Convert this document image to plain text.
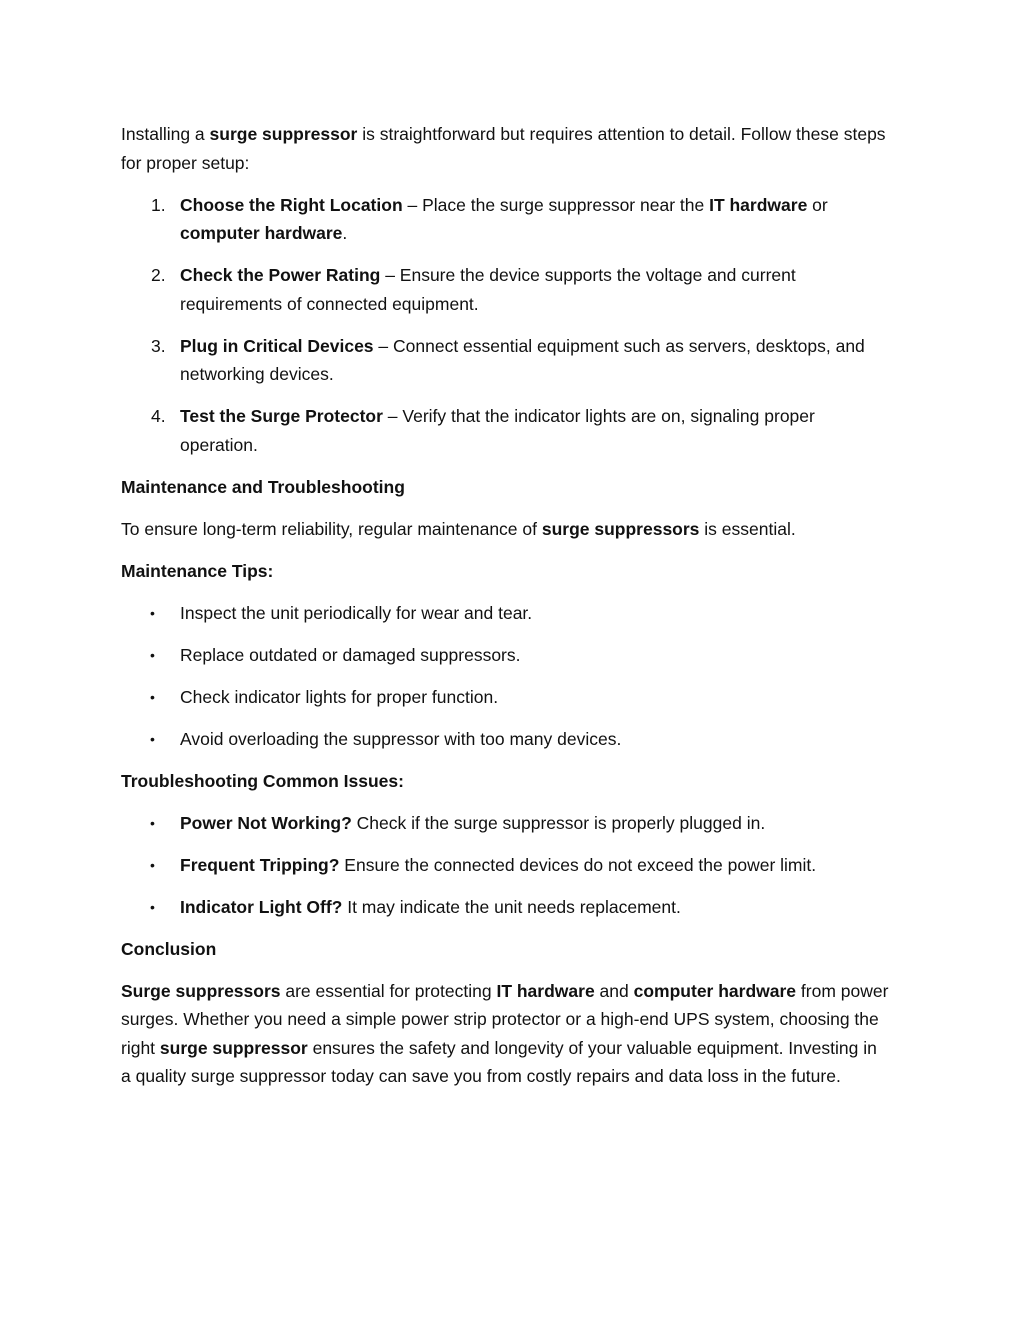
Installing a surge suppressor is straightforward but requires attention to detail. Follow these steps for proper setup:

1. Choose the Right Location – Place the surge suppressor near the IT hardware or computer hardware.
2. Check the Power Rating – Ensure the device supports the voltage and current requirements of connected equipment.
3. Plug in Critical Devices – Connect essential equipment such as servers, desktops, and networking devices.
4. Test the Surge Protector – Verify that the indicator lights are on, signaling proper operation.

Maintenance and Troubleshooting

To ensure long-term reliability, regular maintenance of surge suppressors is essential.

Maintenance Tips:

•	Inspect the unit periodically for wear and tear.
•	Replace outdated or damaged suppressors.
•	Check indicator lights for proper function.
•	Avoid overloading the suppressor with too many devices.

Troubleshooting Common Issues:

•	Power Not Working? Check if the surge suppressor is properly plugged in.
•	Frequent Tripping? Ensure the connected devices do not exceed the power limit.
•	Indicator Light Off? It may indicate the unit needs replacement.

Conclusion

Surge suppressors are essential for protecting IT hardware and computer hardware from power surges. Whether you need a simple power strip protector or a high-end UPS system, choosing the right surge suppressor ensures the safety and longevity of your valuable equipment. Investing in a quality surge suppressor today can save you from costly repairs and data loss in the future.
